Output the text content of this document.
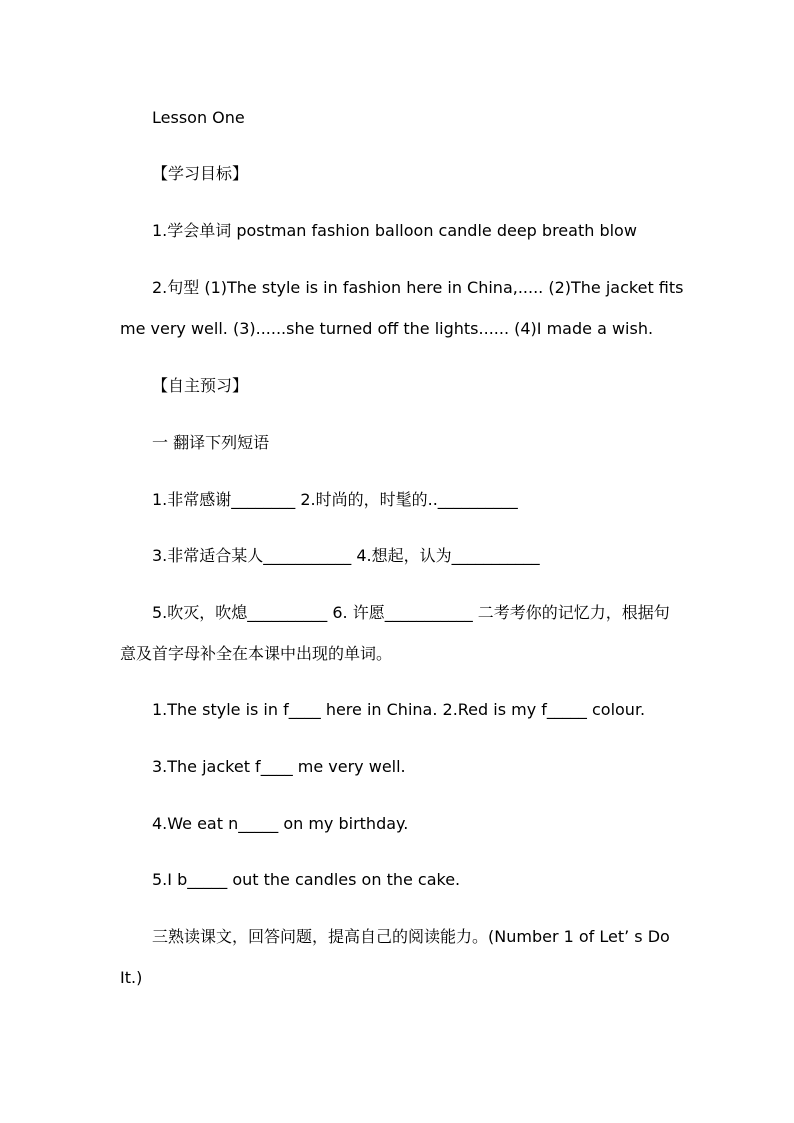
Lesson One
【学习目标】
1.学会单词 postman fashion balloon candle deep breath blow
2.句型 (1)The style is in fashion here in China,..... (2)The jacket fits
me very well. (3)......she turned off the lights...... (4)I made a wish.
【自主预习】
一 翻译下列短语
1.非常感谢________ 2.时尚的，时髦的..__________
3.非常适合某人___________ 4.想起，认为___________
5.吹灭，吹熄__________ 6. 许愿___________ 二考考你的记忆力，根据句
意及首字母补全在本课中出现的单词。
1.The style is in f____ here in China. 2.Red is my f_____ colour.
3.The jacket f____ me very well.
4.We eat n_____ on my birthday.
5.I b_____ out the candles on the cake.
三熟读课文，回答问题，提高自己的阅读能力。(Number 1 of Let’ s Do
It.)
